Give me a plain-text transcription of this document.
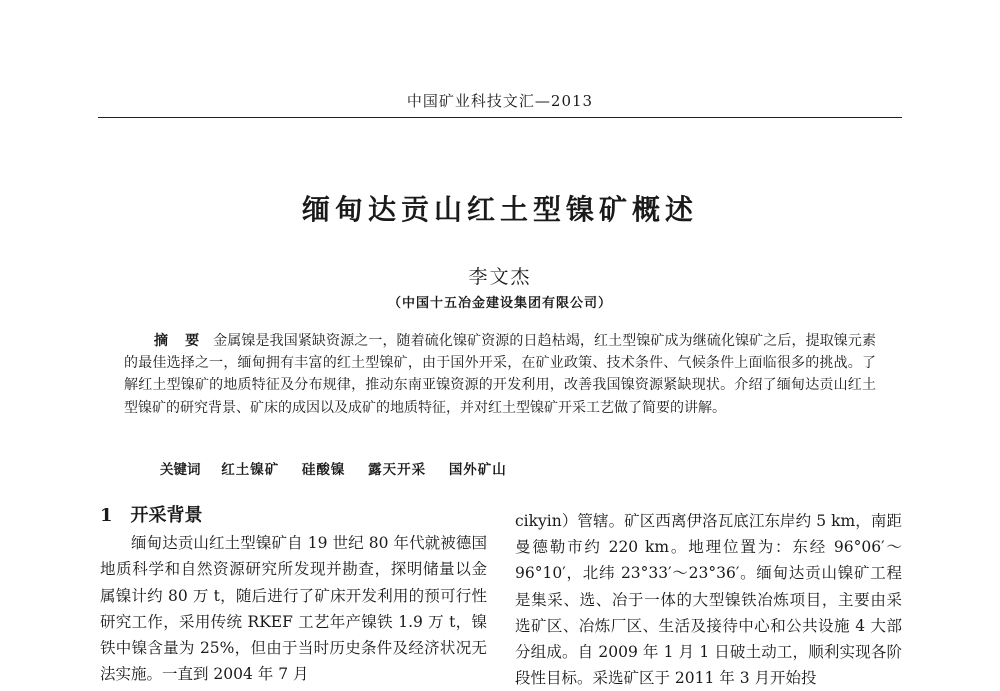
中国矿业科技文汇—2013
缅甸达贡山红土型镍矿概述
李文杰
（中国十五冶金建设集团有限公司）
摘 要 金属镍是我国紧缺资源之一，随着硫化镍矿资源的日趋枯竭，红土型镍矿成为继硫化镍矿之后，提取镍元素的最佳选择之一，缅甸拥有丰富的红土型镍矿，由于国外开采，在矿业政策、技术条件、气候条件上面临很多的挑战。了解红土型镍矿的地质特征及分布规律，推动东南亚镍资源的开发利用，改善我国镍资源紧缺现状。介绍了缅甸达贡山红土型镍矿的研究背景、矿床的成因以及成矿的地质特征，并对红土型镍矿开采工艺做了简要的讲解。
关键词 红土镍矿 硅酸镍 露天开采 国外矿山
1 开采背景

缅甸达贡山红土型镍矿自 19 世纪 80 年代就被德国地质科学和自然资源研究所发现并勘查，探明储量以金属镍计约 80 万 t，随后进行了矿床开发利用的预可行性研究工作，采用传统 RKEF 工艺年产镍铁 1.9 万 t，镍铁中镍含量为 25%，但由于当时历史条件及经济状况无法实施。一直到 2004 年 7 月

cikyin）管辖。矿区西离伊洛瓦底江东岸约 5 km，南距曼德勒市约 220 km。地理位置为：东经 96°06′～96°10′，北纬 23°33′～23°36′。缅甸达贡山镍矿工程是集采、选、冶于一体的大型镍铁冶炼项目，主要由采选矿区、冶炼厂区、生活及接待中心和公共设施 4 大部分组成。自 2009 年 1 月 1 日破土动工，顺利实现各阶段性目标。采选矿区于 2011 年 3 月开始投
